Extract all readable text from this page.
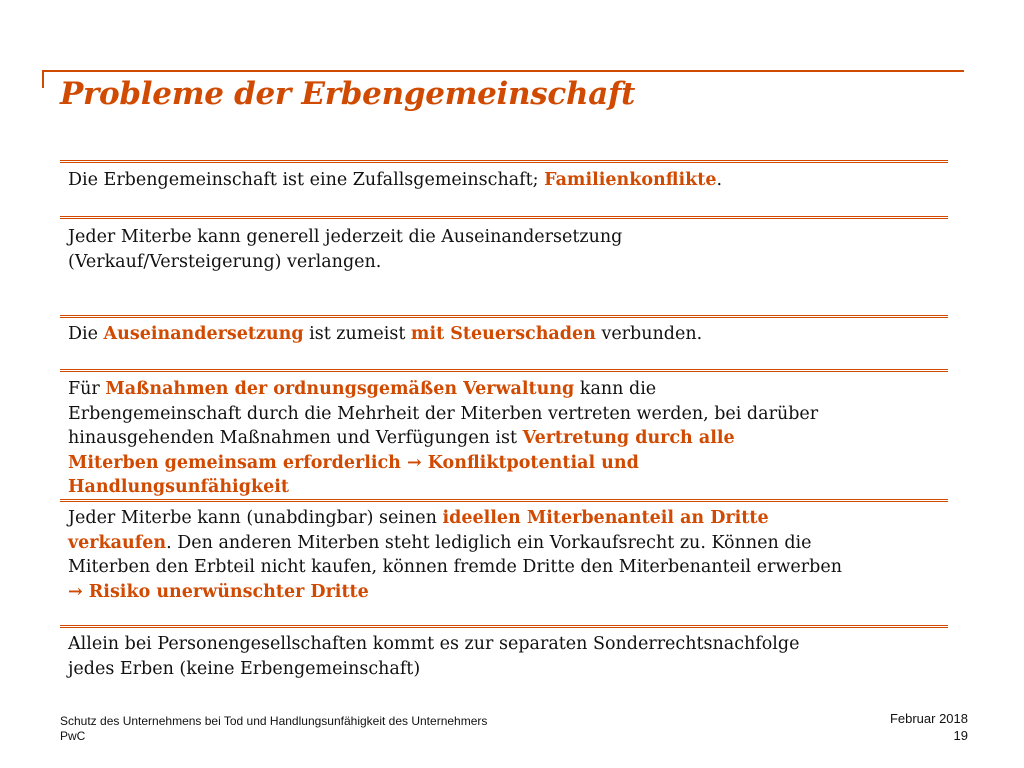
Probleme der Erbengemeinschaft

Die Erbengemeinschaft ist eine Zufallsgemeinschaft; Familienkonflikte.

Jeder Miterbe kann generell jederzeit die Auseinandersetzung
(Verkauf/Versteigerung) verlangen.

Die Auseinandersetzung ist zumeist mit Steuerschaden verbunden.

Für Maßnahmen der ordnungsgemäßen Verwaltung kann die
Erbengemeinschaft durch die Mehrheit der Miterben vertreten werden, bei darüber
hinausgehenden Maßnahmen und Verfügungen ist Vertretung durch alle
Miterben gemeinsam erforderlich → Konfliktpotential und
Handlungsunfähigkeit

Jeder Miterbe kann (unabdingbar) seinen ideellen Miterbenanteil an Dritte
verkaufen. Den anderen Miterben steht lediglich ein Vorkaufsrecht zu. Können die
Miterben den Erbteil nicht kaufen, können fremde Dritte den Miterbenanteil erwerben
→ Risiko unerwünschter Dritte

Allein bei Personengesellschaften kommt es zur separaten Sonderrechtsnachfolge
jedes Erben (keine Erbengemeinschaft)

Schutz des Unternehmens bei Tod und Handlungsunfähigkeit des Unternehmers
PwC
Februar 2018
19
